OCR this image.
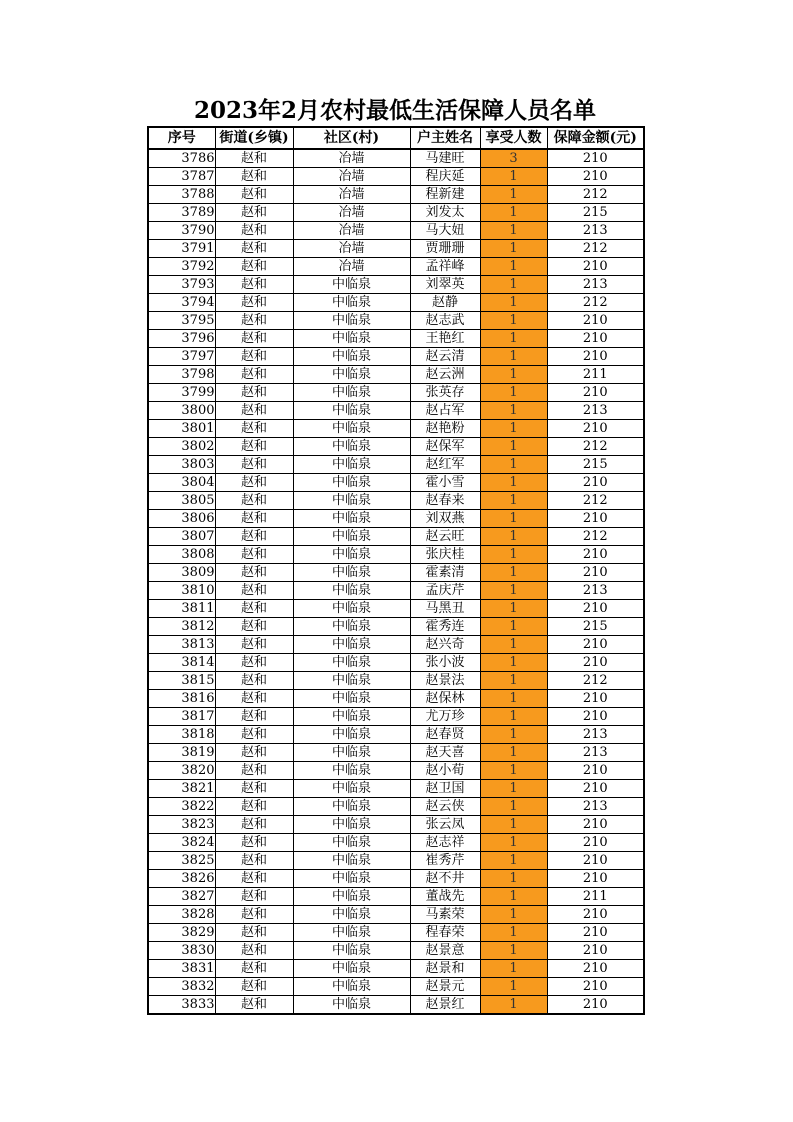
2023年2月农村最低生活保障人员名单
序号	街道(乡镇)	社区(村)	户主姓名	享受人数	保障金额(元)
3786	赵和	冶墙	马建旺	3	210
3787	赵和	冶墙	程庆延	1	210
3788	赵和	冶墙	程新建	1	212
3789	赵和	冶墙	刘发太	1	215
3790	赵和	冶墙	马大妞	1	213
3791	赵和	冶墙	贾珊珊	1	212
3792	赵和	冶墙	孟祥峰	1	210
3793	赵和	中临泉	刘翠英	1	213
3794	赵和	中临泉	赵静	1	212
3795	赵和	中临泉	赵志武	1	210
3796	赵和	中临泉	王艳红	1	210
3797	赵和	中临泉	赵云清	1	210
3798	赵和	中临泉	赵云洲	1	211
3799	赵和	中临泉	张英存	1	210
3800	赵和	中临泉	赵占军	1	213
3801	赵和	中临泉	赵艳粉	1	210
3802	赵和	中临泉	赵保军	1	212
3803	赵和	中临泉	赵红军	1	215
3804	赵和	中临泉	霍小雪	1	210
3805	赵和	中临泉	赵春来	1	212
3806	赵和	中临泉	刘双燕	1	210
3807	赵和	中临泉	赵云旺	1	212
3808	赵和	中临泉	张庆桂	1	210
3809	赵和	中临泉	霍素清	1	210
3810	赵和	中临泉	孟庆芹	1	213
3811	赵和	中临泉	马黑丑	1	210
3812	赵和	中临泉	霍秀连	1	215
3813	赵和	中临泉	赵兴奇	1	210
3814	赵和	中临泉	张小波	1	210
3815	赵和	中临泉	赵景法	1	212
3816	赵和	中临泉	赵保林	1	210
3817	赵和	中临泉	尤万珍	1	210
3818	赵和	中临泉	赵春贤	1	213
3819	赵和	中临泉	赵天喜	1	213
3820	赵和	中临泉	赵小荀	1	210
3821	赵和	中临泉	赵卫国	1	210
3822	赵和	中临泉	赵云侠	1	213
3823	赵和	中临泉	张云凤	1	210
3824	赵和	中临泉	赵志祥	1	210
3825	赵和	中临泉	崔秀芹	1	210
3826	赵和	中临泉	赵不井	1	210
3827	赵和	中临泉	董战先	1	211
3828	赵和	中临泉	马素荣	1	210
3829	赵和	中临泉	程春荣	1	210
3830	赵和	中临泉	赵景意	1	210
3831	赵和	中临泉	赵景和	1	210
3832	赵和	中临泉	赵景元	1	210
3833	赵和	中临泉	赵景红	1	210
